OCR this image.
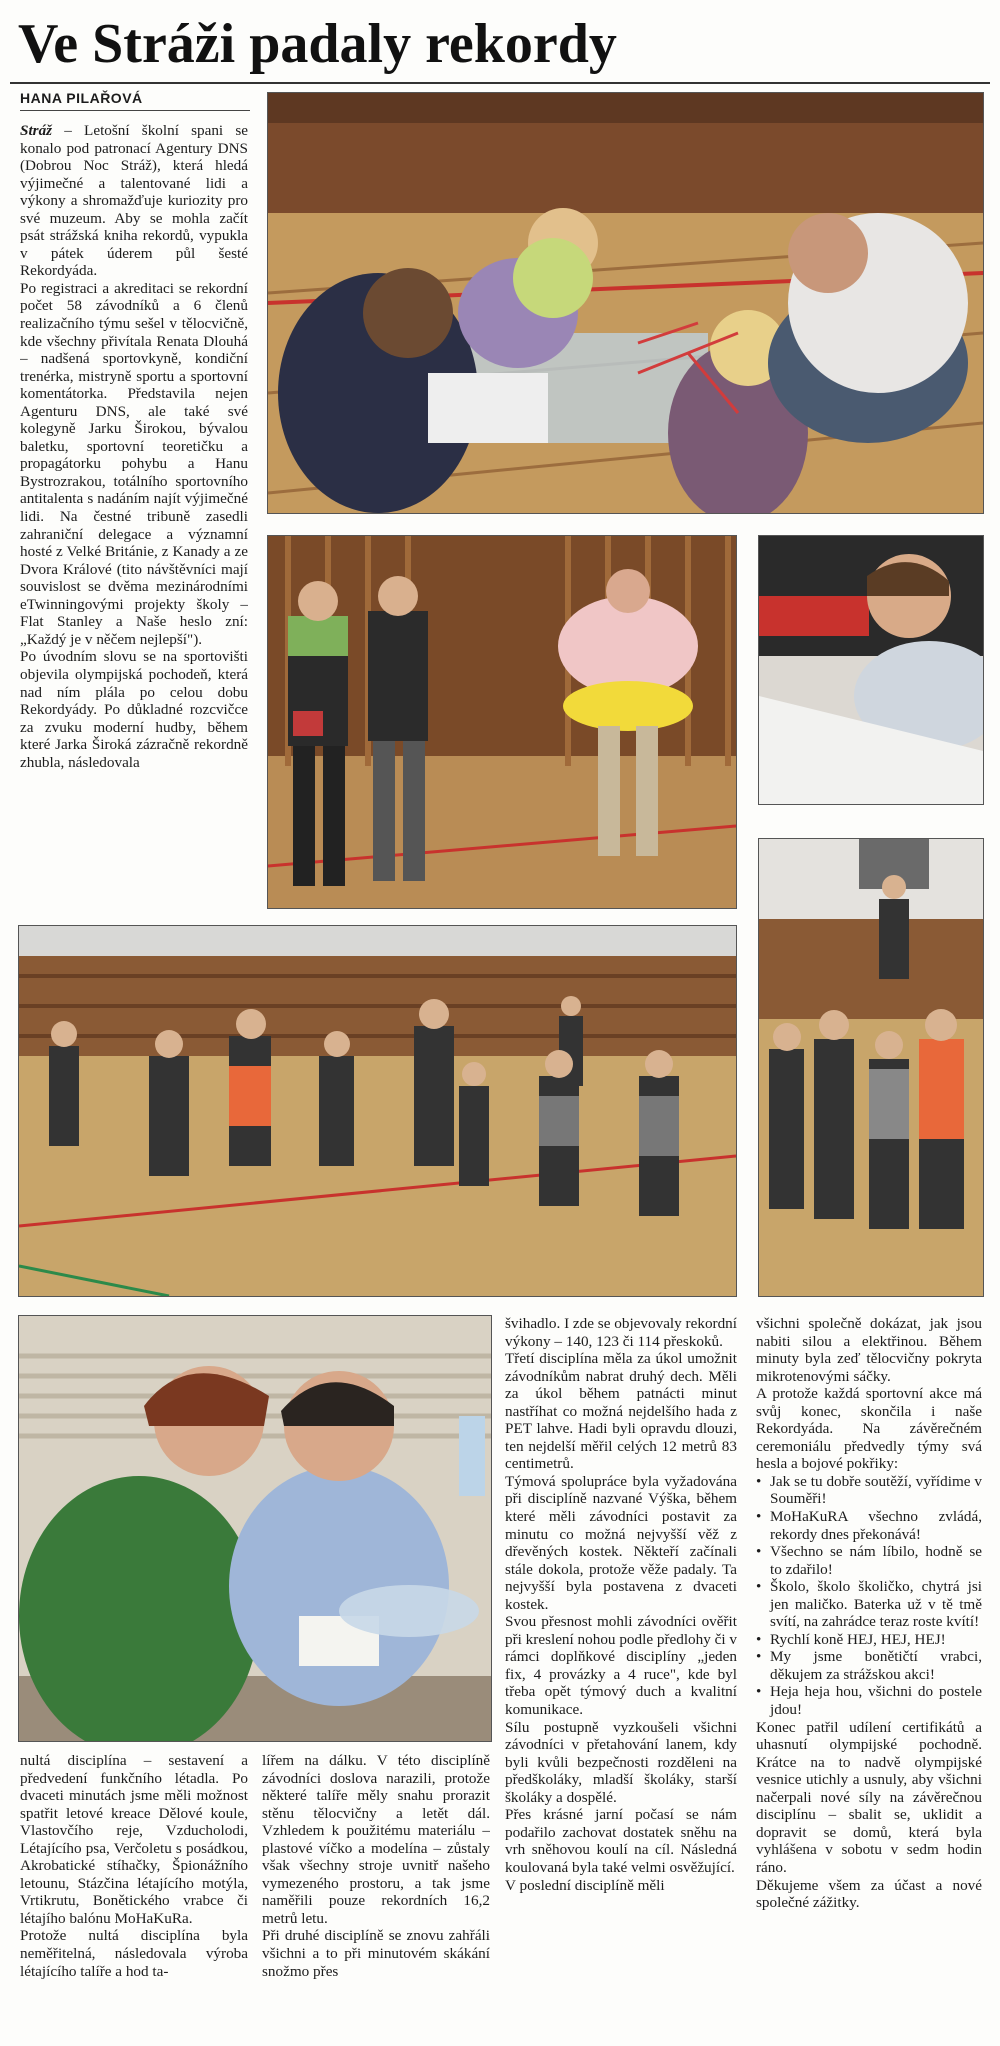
Ve Stráži padaly rekordy
HANA PILAŘOVÁ

Stráž – Letošní školní spani se konalo pod patronací Agentury DNS (Dobrou Noc Stráž), která hledá výjimečné a talentované lidi a výkony a shromažďuje kuriozity pro své muzeum. Aby se mohla začít psát strážská kniha rekordů, vypukla v pátek úderem půl šesté Rekordyáda.

Po registraci a akreditaci se rekordní počet 58 závodníků a 6 členů realizačního týmu sešel v tělocvičně, kde všechny přivítala Renata Dlouhá – nadšená sportovkyně, kondiční trenérka, mistryně sportu a sportovní komentátorka. Představila nejen Agenturu DNS, ale také své kolegyně Jarku Širokou, bývalou baletku, sportovní teoretičku a propagátorku pohybu a Hanu Bystrozrakou, totálního sportovního antitalenta s nadáním najít výjimečné lidi. Na čestné tribuně zasedli zahraniční delegace a významní hosté z Velké Británie, z Kanady a ze Dvora Králové (tito návštěvníci mají souvislost se dvěma mezinárodními eTwinningovými projekty školy – Flat Stanley a Naše heslo zní: „Každý je v něčem nejlepší").

Po úvodním slovu se na sportovišti objevila olympijská pochodeň, která nad ním plála po celou dobu Rekordyády. Po důkladné rozcvičce za zvuku moderní hudby, během které Jarka Široká zázračně rekordně zhubla, následovala

nultá disciplína – sestavení a předvedení funkčního létadla. Po dvaceti minutách jsme měli možnost spatřit letové kreace Dělové koule, Vlastovčího reje, Vzducholodi, Létajícího psa, Verčoletu s posádkou, Akrobatické stíhačky, Špionážního letounu, Stázčina létajícího motýla, Vrtikrutu, Bonětického vrabce či létajího balónu MoHaKuRa.

Protože nultá disciplína byla neměřitelná, následovala výroba létajícího talíře a hod ta-

lířem na dálku. V této disciplíně závodníci doslova narazili, protože některé talíře měly snahu prorazit stěnu tělocvičny a letět dál. Vzhledem k použitému materiálu – plastové víčko a modelína – zůstaly však všechny stroje uvnitř našeho vymezeného prostoru, a tak jsme naměřili pouze rekordních 16,2 metrů letu.

Při druhé disciplíně se znovu zahřáli všichni a to při minutovém skákání snožmo přes

švihadlo. I zde se objevovaly rekordní výkony – 140, 123 či 114 přeskoků.

Třetí disciplína měla za úkol umožnit závodníkům nabrat druhý dech. Měli za úkol během patnácti minut nastříhat co možná nejdelšího hada z PET lahve. Hadi byli opravdu dlouzi, ten nejdelší měřil celých 12 metrů 83 centimetrů.

Týmová spolupráce byla vyžadována při disciplíně nazvané Výška, během které měli závodníci postavit za minutu co možná nejvyšší věž z dřevěných kostek. Někteří začínali stále dokola, protože věže padaly. Ta nejvyšší byla postavena z dvaceti kostek.

Svou přesnost mohli závodníci ověřit při kreslení nohou podle předlohy či v rámci doplňkové disciplíny „jeden fix, 4 provázky a 4 ruce", kde byl třeba opět týmový duch a kvalitní komunikace.

Sílu postupně vyzkoušeli všichni závodníci v přetahování lanem, kdy byli kvůli bezpečnosti rozděleni na předškoláky, mladší školáky, starší školáky a dospělé.

Přes krásné jarní počasí se nám podařilo zachovat dostatek sněhu na vrh sněhovou koulí na cíl. Následná koulovaná byla také velmi osvěžující.

V poslední disciplíně měli

všichni společně dokázat, jak jsou nabiti silou a elektřinou. Během minuty byla zeď tělocvičny pokryta mikrotenovými sáčky.

A protože každá sportovní akce má svůj konec, skončila i naše Rekordyáda. Na závěrečném ceremoniálu předvedly týmy svá hesla a bojové pokřiky:

• Jak se tu dobře soutěží, vyřídime v Souměři!
• MoHaKuRA všechno zvládá, rekordy dnes překonává!
• Všechno se nám líbilo, hodně se to zdařilo!
• Školo, školo školičko, chytrá jsi jen maličko. Baterka už v tě tmě svítí, na zahrádce teraz roste kvítí!
• Rychlí koně HEJ, HEJ, HEJ!
• My jsme bonětičtí vrabci, děkujem za strážskou akci!
• Heja heja hou, všichni do postele jdou!

Konec patřil udílení certifikátů a uhasnutí olympijské pochodně. Krátce na to nadvě olympijské vesnice utichly a usnuly, aby všichni načerpali nové síly na závěrečnou disciplínu – sbalit se, uklidit a dopravit se domů, která byla vyhlášena v sobotu v sedm hodin ráno.

Děkujeme všem za účast a nové společné zážitky.
